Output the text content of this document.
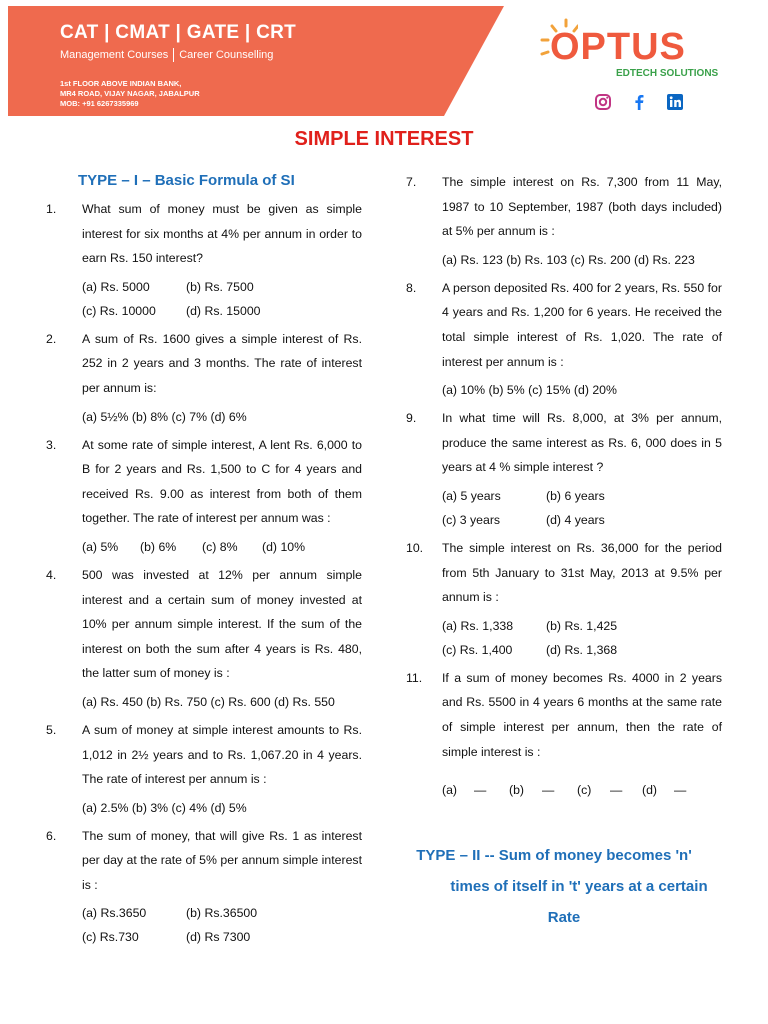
CAT | CMAT | GATE | CRT
Management Courses Career Counselling
1st FLOOR ABOVE INDIAN BANK,
MR4 ROAD, VIJAY NAGAR, JABALPUR
MOB: +91 6267335969
OPTUS
EDTECH SOLUTIONS
SIMPLE INTEREST
TYPE – I – Basic Formula of SI
1.	What sum of money must be given as simple interest for six months at 4% per annum in order to earn Rs. 150 interest?
(a) Rs. 5000	(b) Rs. 7500
(c) Rs. 10000	(d) Rs. 15000
2.	A sum of Rs. 1600 gives a simple interest of Rs. 252 in 2 years and 3 months. The rate of interest per annum is:
(a) 5½% (b) 8% (c) 7% (d) 6%
3.	At some rate of simple interest, A lent Rs. 6,000 to B for 2 years and Rs. 1,500 to C for 4 years and received Rs. 9.00 as interest from both of them together. The rate of interest per annum was :
(a) 5%	(b) 6%	(c) 8%	(d) 10%
4.	500 was invested at 12% per annum simple interest and a certain sum of money invested at 10% per annum simple interest. If the sum of the interest on both the sum after 4 years is Rs. 480, the latter sum of money is :
(a) Rs. 450 (b) Rs. 750 (c) Rs. 600 (d) Rs. 550
5.	A sum of money at simple interest amounts to Rs. 1,012 in 2½ years and to Rs. 1,067.20 in 4 years. The rate of interest per annum is :
(a) 2.5% (b) 3% (c) 4% (d) 5%
6.	The sum of money, that will give Rs. 1 as interest per day at the rate of 5% per annum simple interest is :
(a) Rs.3650	(b) Rs.36500
(c) Rs.730	(d) Rs 7300
7.	The simple interest on Rs. 7,300 from 11 May, 1987 to 10 September, 1987 (both days included) at 5% per annum is :
(a) Rs. 123 (b) Rs. 103 (c) Rs. 200 (d) Rs. 223
8.	A person deposited Rs. 400 for 2 years, Rs. 550 for 4 years and Rs. 1,200 for 6 years. He received the total simple interest of Rs. 1,020. The rate of interest per annum is :
(a) 10% (b) 5% (c) 15% (d) 20%
9.	In what time will Rs. 8,000, at 3% per annum, produce the same interest as Rs. 6, 000 does in 5 years at 4 % simple interest ?
(a) 5 years	(b) 6 years
(c) 3 years	(d) 4 years
10.	The simple interest on Rs. 36,000 for the period from 5th January to 31st May, 2013 at 9.5% per annum is :
(a) Rs. 1,338	(b) Rs. 1,425
(c) Rs. 1,400	(d) Rs. 1,368
11.	If a sum of money becomes Rs. 4000 in 2 years and Rs. 5500 in 4 years 6 months at the same rate of simple interest per annum, then the rate of simple interest is :
(a)	—	(b)	—	(c)	—	(d)	—
TYPE – II -- Sum of money becomes 'n'
times of itself in 't' years at a certain
Rate
